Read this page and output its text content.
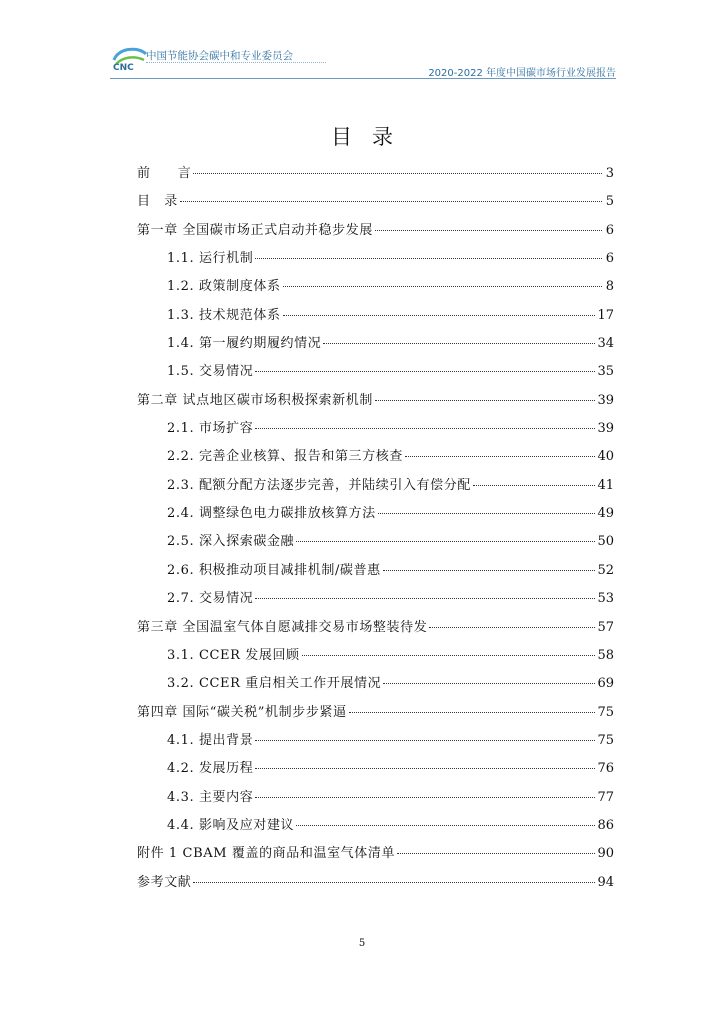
CNC
中国节能协会碳中和专业委员会
2020-2022 年度中国碳市场行业发展报告
目录
前　　言	3
目　录	5
第一章 全国碳市场正式启动并稳步发展	6
1.1. 运行机制	6
1.2. 政策制度体系	8
1.3. 技术规范体系	17
1.4. 第一履约期履约情况	34
1.5. 交易情况	35
第二章 试点地区碳市场积极探索新机制	39
2.1. 市场扩容	39
2.2. 完善企业核算、报告和第三方核查	40
2.3. 配额分配方法逐步完善，并陆续引入有偿分配	41
2.4. 调整绿色电力碳排放核算方法	49
2.5. 深入探索碳金融	50
2.6. 积极推动项目减排机制/碳普惠	52
2.7. 交易情况	53
第三章 全国温室气体自愿减排交易市场整装待发	57
3.1. CCER 发展回顾	58
3.2. CCER 重启相关工作开展情况	69
第四章 国际“碳关税”机制步步紧逼	75
4.1. 提出背景	75
4.2. 发展历程	76
4.3. 主要内容	77
4.4. 影响及应对建议	86
附件 1 CBAM 覆盖的商品和温室气体清单	90
参考文献	94
5
